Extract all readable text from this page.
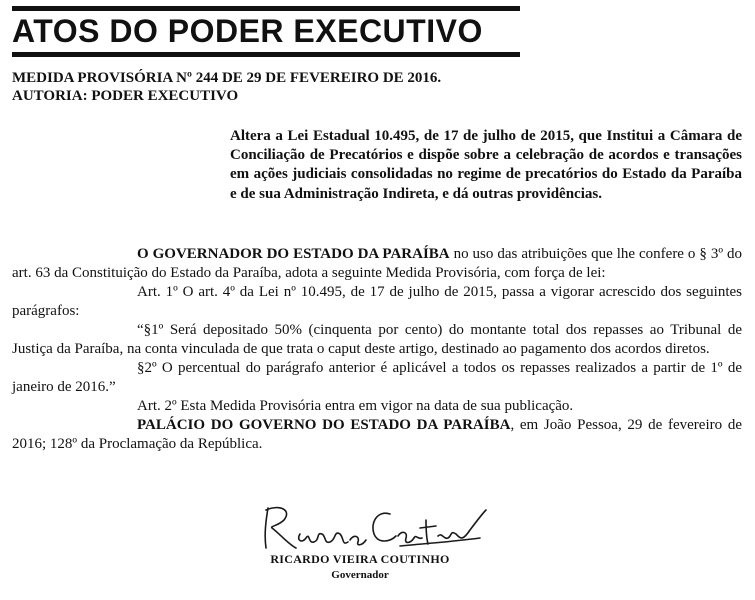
ATOS DO PODER EXECUTIVO
MEDIDA PROVISÓRIA Nº 244 DE 29 DE FEVEREIRO DE 2016.
AUTORIA: PODER EXECUTIVO
Altera a Lei Estadual 10.495, de 17 de julho de 2015, que Institui a Câmara de Conciliação de Precatórios e dispõe sobre a celebração de acordos e transações em ações judiciais consolidadas no regime de precatórios do Estado da Paraíba e de sua Administração Indireta, e dá outras providências.

O GOVERNADOR DO ESTADO DA PARAÍBA no uso das atribuições que lhe confere o § 3º do art. 63 da Constituição do Estado da Paraíba, adota a seguinte Medida Provisória, com força de lei:

Art. 1º O art. 4º da Lei nº 10.495, de 17 de julho de 2015, passa a vigorar acrescido dos seguintes parágrafos:

“§1º Será depositado 50% (cinquenta por cento) do montante total dos repasses ao Tribunal de Justiça da Paraíba, na conta vinculada de que trata o caput deste artigo, destinado ao pagamento dos acordos diretos.

§2º O percentual do parágrafo anterior é aplicável a todos os repasses realizados a partir de 1º de janeiro de 2016.”

Art. 2º Esta Medida Provisória entra em vigor na data de sua publicação.

PALÁCIO DO GOVERNO DO ESTADO DA PARAÍBA, em João Pessoa, 29 de fevereiro de 2016; 128º da Proclamação da República.

RICARDO VIEIRA COUTINHO
Governador
